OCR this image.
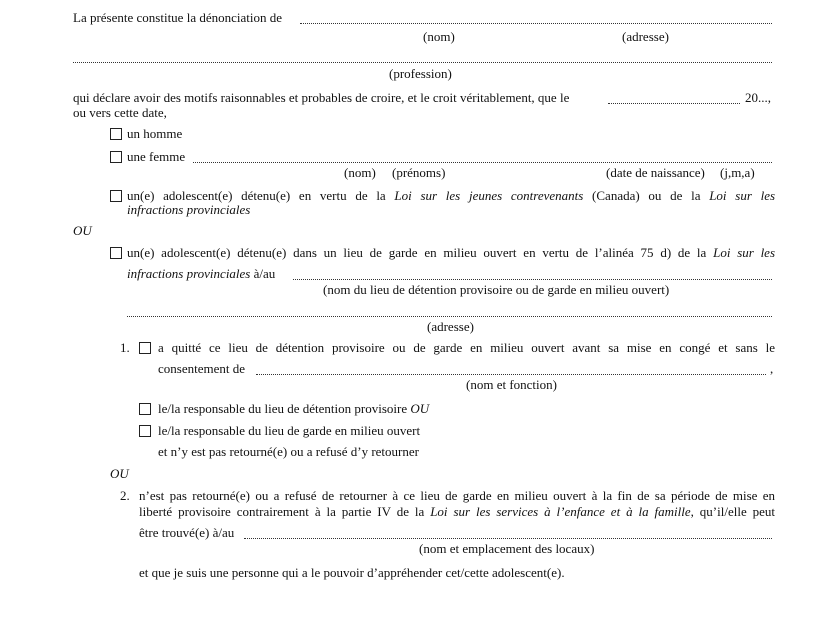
La présente constitue la dénonciation de
(nom)	(adresse)
(profession)
qui déclare avoir des motifs raisonnables et probables de croire, et le croit véritablement, que le	20...,
ou vers cette date,
un homme
une femme
(nom) (prénoms)	(date de naissance) (j,m,a)
un(e) adolescent(e) détenu(e) en vertu de la Loi sur les jeunes contrevenants (Canada) ou de la Loi sur les
infractions provinciales
OU
un(e) adolescent(e) détenu(e) dans un lieu de garde en milieu ouvert en vertu de l’alinéa 75 d) de la Loi sur les
infractions provinciales à/au
(nom du lieu de détention provisoire ou de garde en milieu ouvert)
(adresse)
1. a quitté ce lieu de détention provisoire ou de garde en milieu ouvert avant sa mise en congé et sans le
consentement de	,
(nom et fonction)
le/la responsable du lieu de détention provisoire OU
le/la responsable du lieu de garde en milieu ouvert
et n’y est pas retourné(e) ou a refusé d’y retourner
OU
2. n’est pas retourné(e) ou a refusé de retourner à ce lieu de garde en milieu ouvert à la fin de sa période de mise en
liberté provisoire contrairement à la partie IV de la Loi sur les services à l’enfance et à la famille, qu’il/elle peut
être trouvé(e) à/au
(nom et emplacement des locaux)
et que je suis une personne qui a le pouvoir d’appréhender cet/cette adolescent(e).
